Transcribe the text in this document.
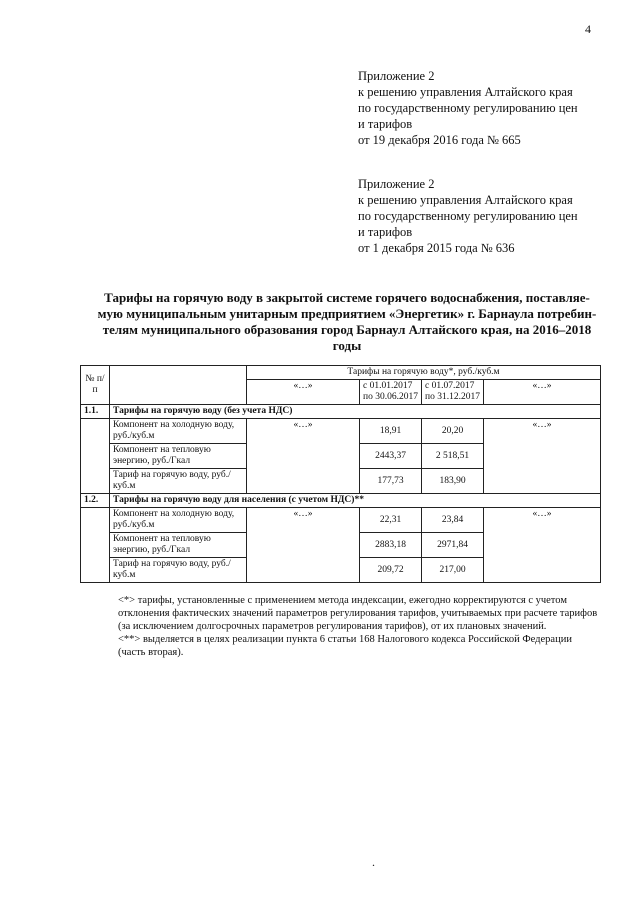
4
Приложение 2
к решению управления Алтайского края
по государственному регулированию цен
и тарифов
от 19 декабря 2016 года № 665
Приложение 2
к решению управления Алтайского края
по государственному регулированию цен
и тарифов
от 1 декабря 2015 года № 636
Тарифы на горячую воду в закрытой системе горячего водоснабжения, поставляе-
мую муниципальным унитарным предприятием «Энергетик» г. Барнаула потребин-
телям муниципального образования город Барнаул Алтайского края, на 2016–2018
годы
№ п/п		Тарифы на горячую воду*, руб./куб.м			
		«…»	с 01.01.2017 по 30.06.2017	с 01.07.2017 по 31.12.2017	«…»
1.1.	Тарифы на горячую воду (без учета НДС)				
	Компонент на холодную воду, руб./куб.м	«…»	18,91	20,20	«…»
	Компонент на тепловую энергию, руб./Гкал		2443,37	2 518,51	
	Тариф на горячую воду, руб./куб.м		177,73	183,90	
1.2.	Тарифы на горячую воду для населения (с учетом НДС)**				
	Компонент на холодную воду, руб./куб.м	«…»	22,31	23,84	«…»
	Компонент на тепловую энергию, руб./Гкал		2883,18	2971,84	
	Тариф на горячую воду, руб./куб.м		209,72	217,00	
<*> тарифы, установленные с применением метода индексации, ежегодно корректируются с учетом отклонения фактических значений параметров регулирования тарифов, учитываемых при расчете тарифов (за исключением долгосрочных параметров регулирования тарифов), от их плановых значений.
<**> выделяется в целях реализации пункта 6 статьи 168 Налогового кодекса Российской Федерации (часть вторая).
.
